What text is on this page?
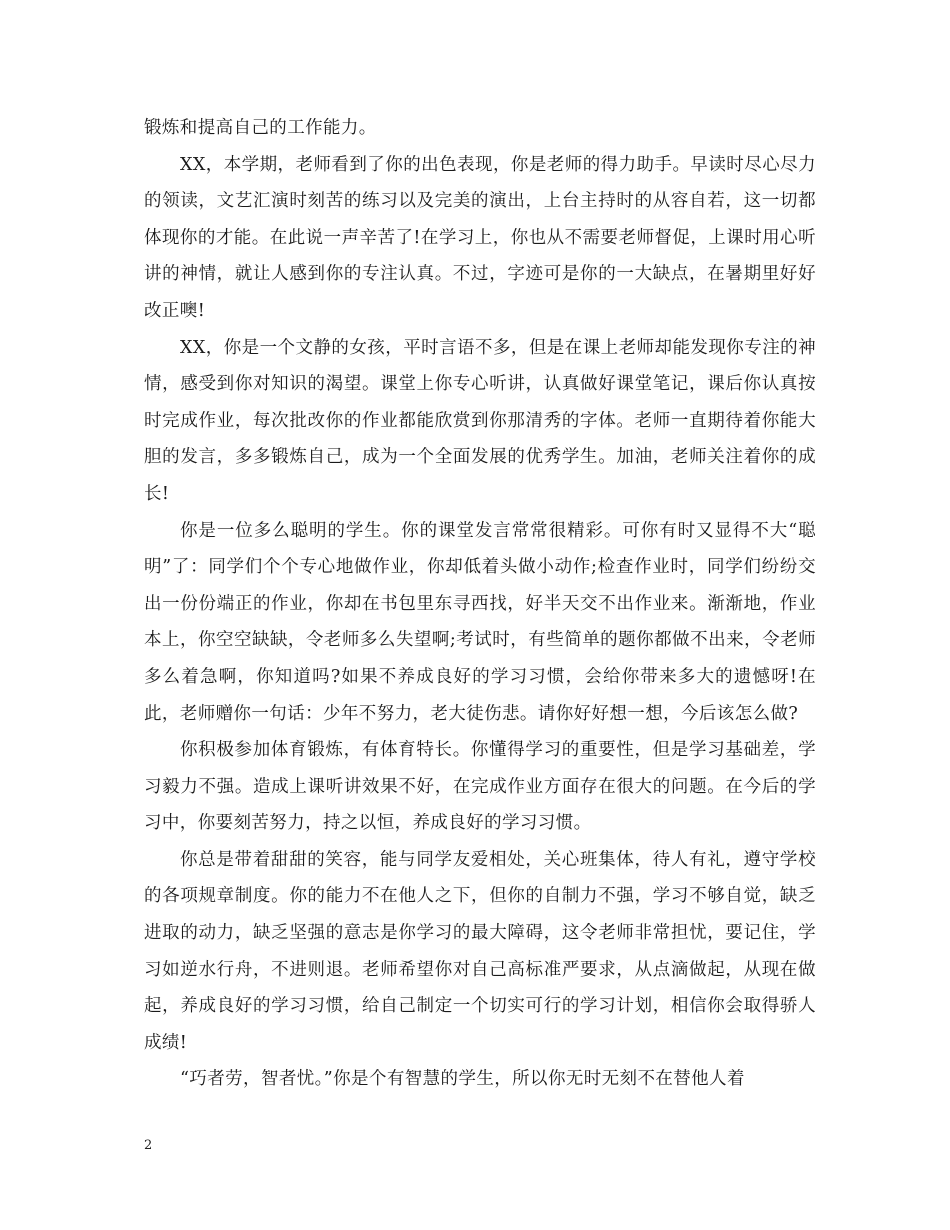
锻炼和提高自己的工作能力。

XX，本学期，老师看到了你的出色表现，你是老师的得力助手。早读时尽心尽力的领读，文艺汇演时刻苦的练习以及完美的演出，上台主持时的从容自若，这一切都体现你的才能。在此说一声辛苦了!在学习上，你也从不需要老师督促，上课时用心听讲的神情，就让人感到你的专注认真。不过，字迹可是你的一大缺点，在暑期里好好改正噢!

XX，你是一个文静的女孩，平时言语不多，但是在课上老师却能发现你专注的神情，感受到你对知识的渴望。课堂上你专心听讲，认真做好课堂笔记，课后你认真按时完成作业，每次批改你的作业都能欣赏到你那清秀的字体。老师一直期待着你能大胆的发言，多多锻炼自己，成为一个全面发展的优秀学生。加油，老师关注着你的成长!

你是一位多么聪明的学生。你的课堂发言常常很精彩。可你有时又显得不大“聪明”了：同学们个个专心地做作业，你却低着头做小动作;检查作业时，同学们纷纷交出一份份端正的作业，你却在书包里东寻西找，好半天交不出作业来。渐渐地，作业本上，你空空缺缺，令老师多么失望啊;考试时，有些简单的题你都做不出来，令老师多么着急啊，你知道吗?如果不养成良好的学习习惯，会给你带来多大的遗憾呀!在此，老师赠你一句话：少年不努力，老大徒伤悲。请你好好想一想，今后该怎么做?

你积极参加体育锻炼，有体育特长。你懂得学习的重要性，但是学习基础差，学习毅力不强。造成上课听讲效果不好，在完成作业方面存在很大的问题。在今后的学习中，你要刻苦努力，持之以恒，养成良好的学习习惯。

你总是带着甜甜的笑容，能与同学友爱相处，关心班集体，待人有礼，遵守学校的各项规章制度。你的能力不在他人之下，但你的自制力不强，学习不够自觉，缺乏进取的动力，缺乏坚强的意志是你学习的最大障碍，这令老师非常担忧，要记住，学习如逆水行舟，不进则退。老师希望你对自己高标准严要求，从点滴做起，从现在做起，养成良好的学习习惯，给自己制定一个切实可行的学习计划，相信你会取得骄人成绩!

“巧者劳，智者忧。”你是个有智慧的学生，所以你无时无刻不在替他人着

2
